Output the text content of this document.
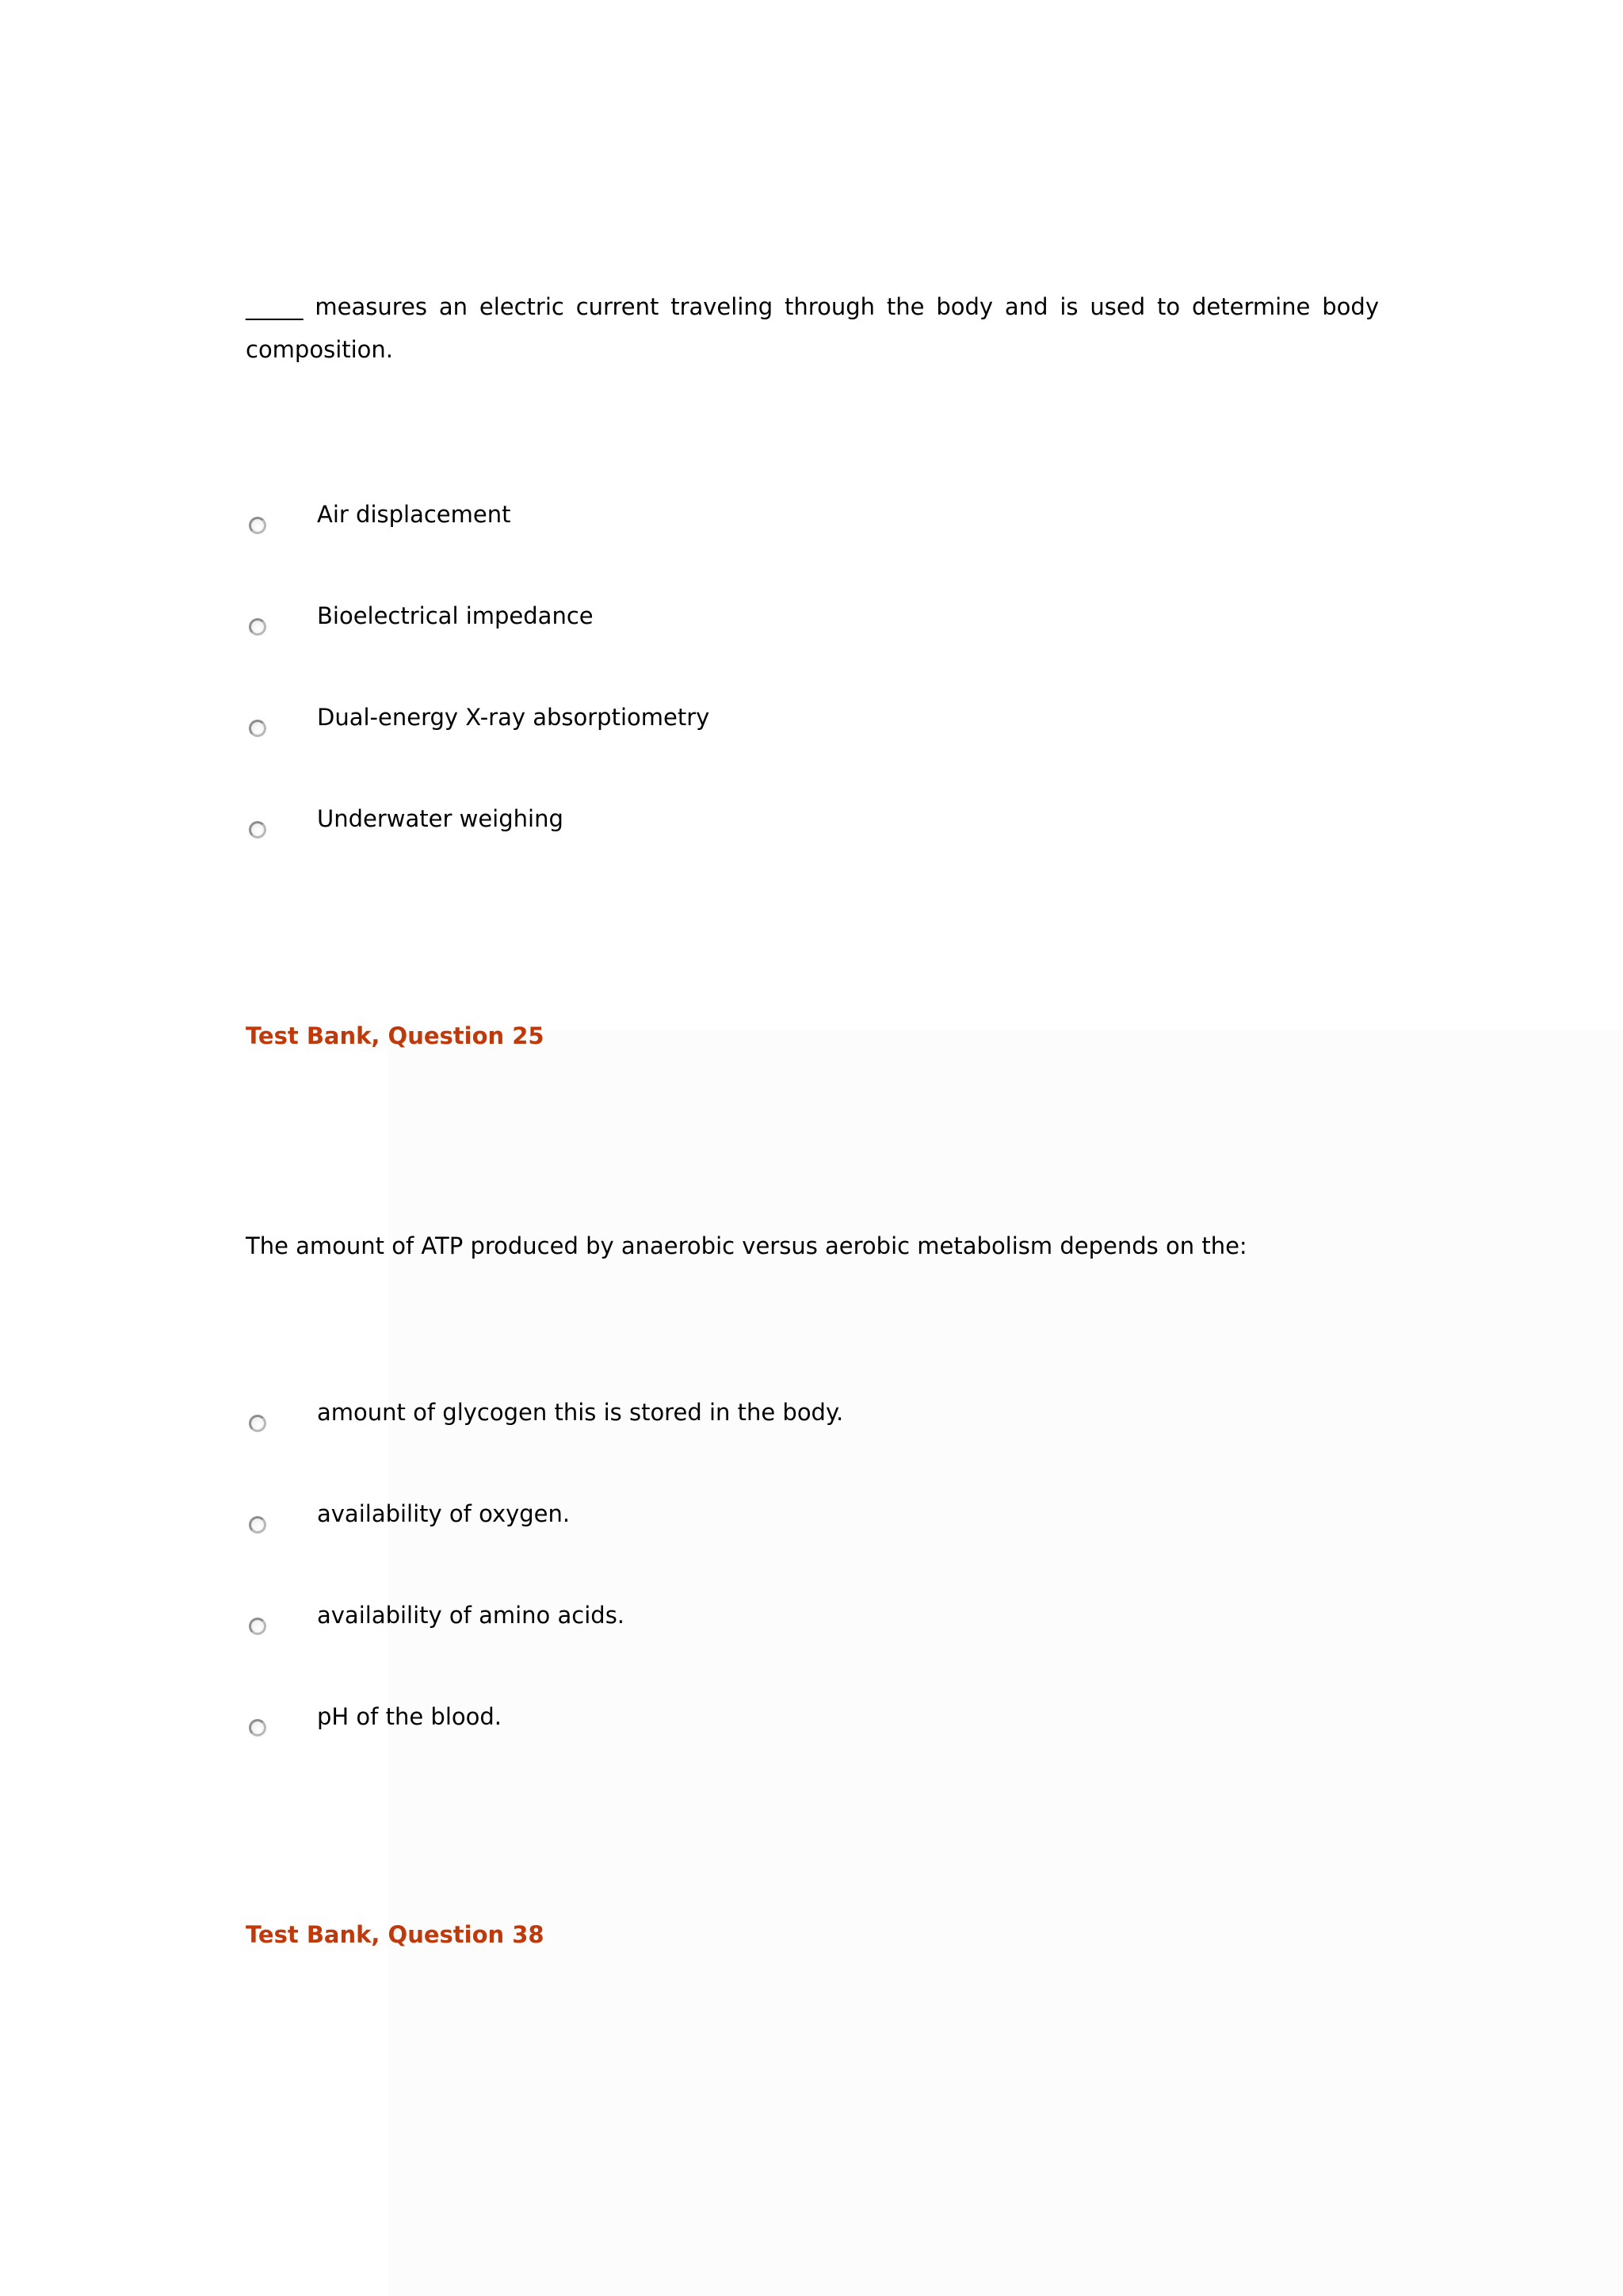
_____ measures an electric current traveling through the body and is used to determine body composition.
Air displacement
Bioelectrical impedance
Dual-energy X-ray absorptiometry
Underwater weighing
Test Bank, Question 25
The amount of ATP produced by anaerobic versus aerobic metabolism depends on the:
amount of glycogen this is stored in the body.
availability of oxygen.
availability of amino acids.
pH of the blood.
Test Bank, Question 38
